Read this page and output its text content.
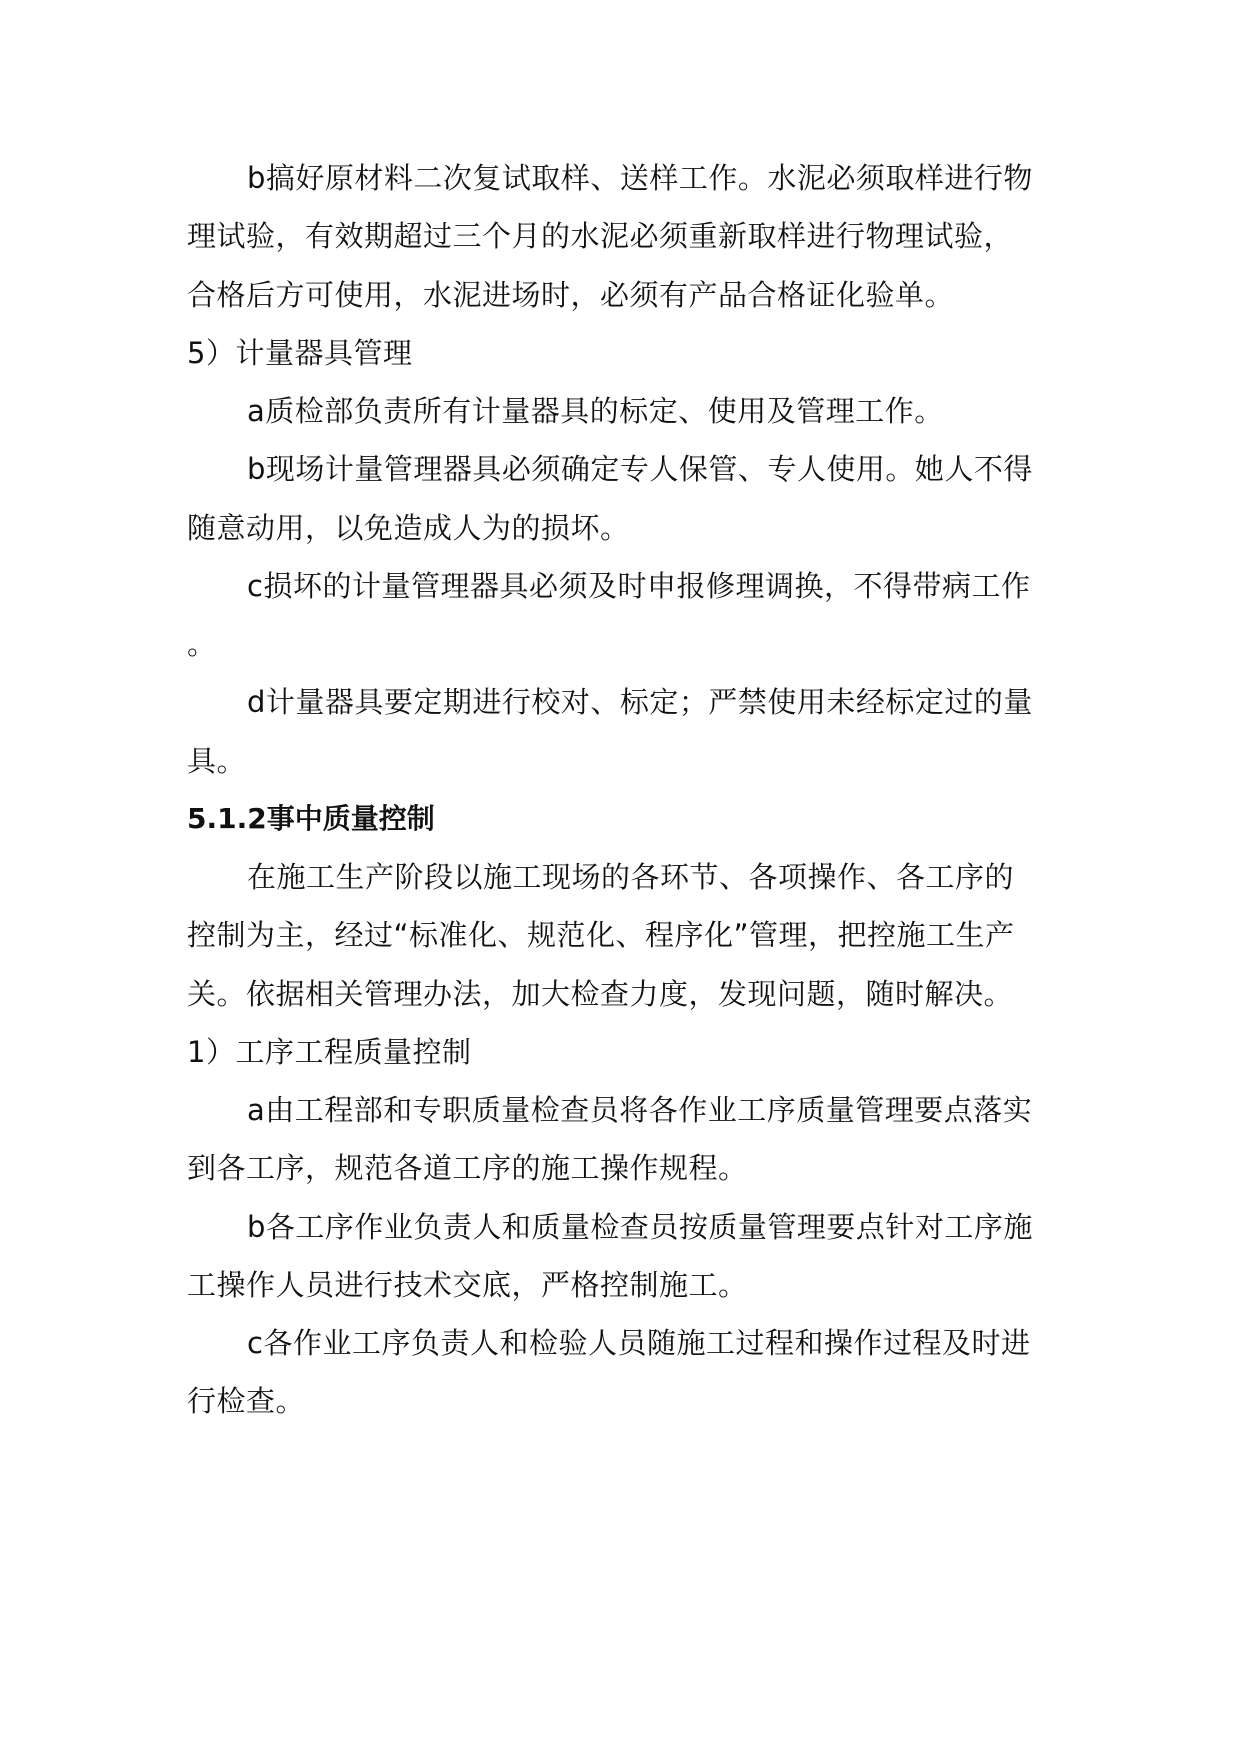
b搞好原材料二次复试取样、送样工作。水泥必须取样进行物
理试验，有效期超过三个月的水泥必须重新取样进行物理试验，
合格后方可使用，水泥进场时，必须有产品合格证化验单。
5）计量器具管理
a质检部负责所有计量器具的标定、使用及管理工作。
b现场计量管理器具必须确定专人保管、专人使用。她人不得
随意动用，以免造成人为的损坏。
c损坏的计量管理器具必须及时申报修理调换，不得带病工作
。
d计量器具要定期进行校对、标定；严禁使用未经标定过的量
具。
5.1.2事中质量控制
在施工生产阶段以施工现场的各环节、各项操作、各工序的
控制为主，经过“标准化、规范化、程序化”管理，把控施工生产
关。依据相关管理办法，加大检查力度，发现问题，随时解决。
1）工序工程质量控制
a由工程部和专职质量检查员将各作业工序质量管理要点落实
到各工序，规范各道工序的施工操作规程。
b各工序作业负责人和质量检查员按质量管理要点针对工序施
工操作人员进行技术交底，严格控制施工。
c各作业工序负责人和检验人员随施工过程和操作过程及时进
行检查。
